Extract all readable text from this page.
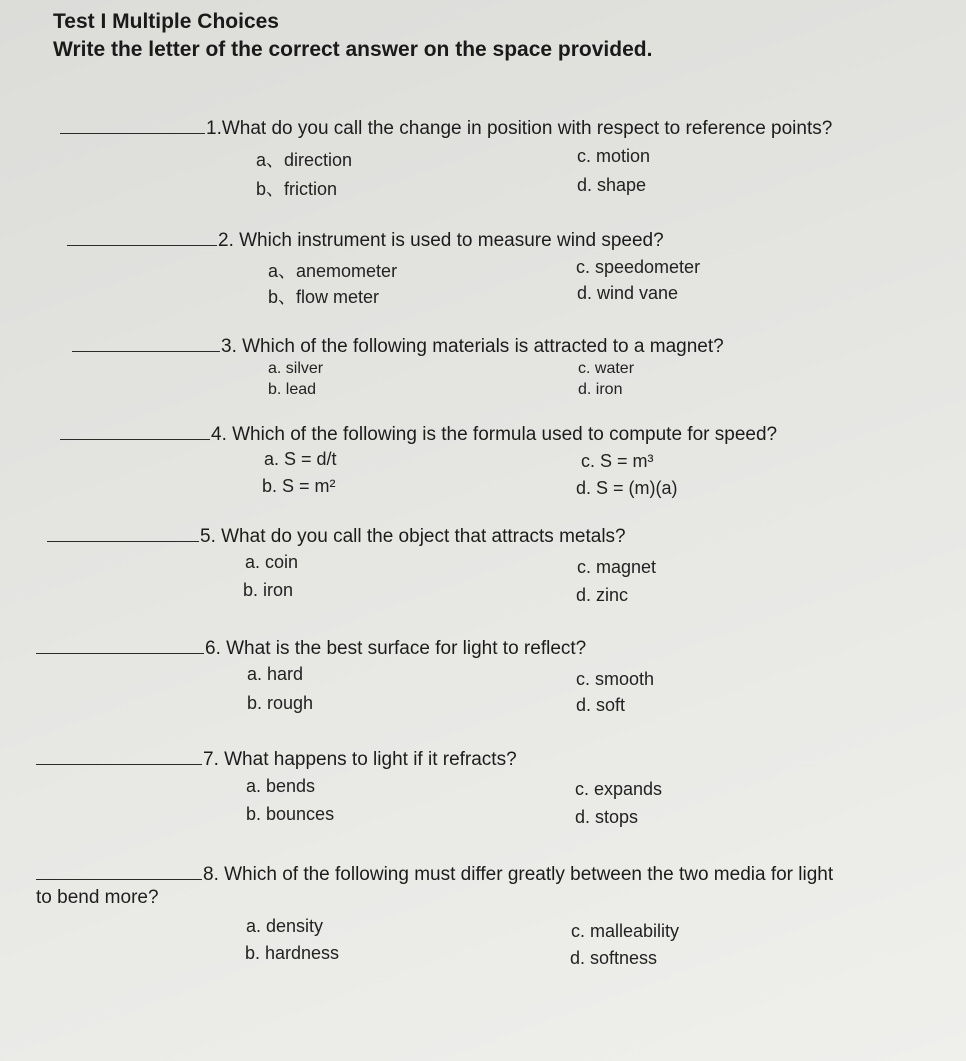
Test I Multiple Choices
Write the letter of the correct answer on the space provided.
1.What do you call the change in position with respect to reference points?
a、direction	c. motion
b、friction	d. shape
2. Which instrument is used to measure wind speed?
a、anemometer	c. speedometer
b、flow meter	d. wind vane
3. Which of the following materials is attracted to a magnet?
a. silver	c. water
b. lead	d. iron
4. Which of the following is the formula used to compute for speed?
a. S = d/t	c. S = m³
b. S = m²	d. S = (m)(a)
5. What do you call the object that attracts metals?
a. coin	c. magnet
b. iron	d. zinc
6. What is the best surface for light to reflect?
a. hard	c. smooth
b. rough	d. soft
7. What happens to light if it refracts?
a. bends	c. expands
b. bounces	d. stops
8. Which of the following must differ greatly between the two media for light
to bend more?
a. density	c. malleability
b. hardness	d. softness
